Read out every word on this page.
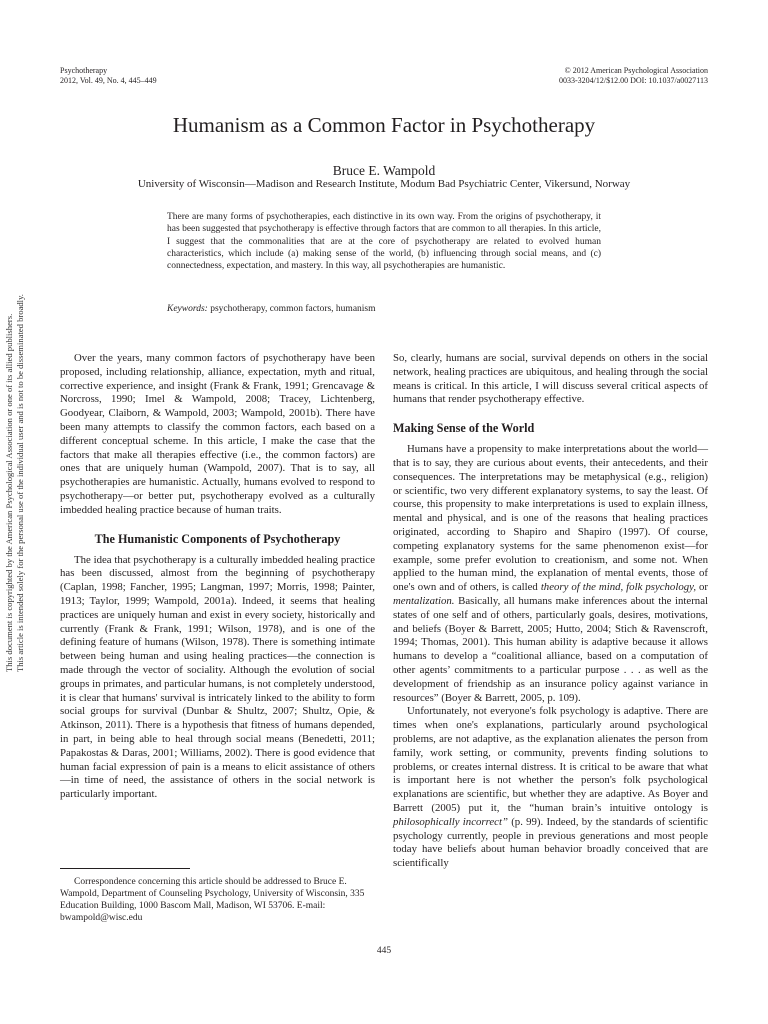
Psychotherapy
2012, Vol. 49, No. 4, 445–449
© 2012 American Psychological Association
0033-3204/12/$12.00 DOI: 10.1037/a0027113
Humanism as a Common Factor in Psychotherapy
Bruce E. Wampold
University of Wisconsin—Madison and Research Institute, Modum Bad Psychiatric Center, Vikersund, Norway
There are many forms of psychotherapies, each distinctive in its own way. From the origins of psychotherapy, it has been suggested that psychotherapy is effective through factors that are common to all therapies. In this article, I suggest that the commonalities that are at the core of psychotherapy are related to evolved human characteristics, which include (a) making sense of the world, (b) influencing through social means, and (c) connectedness, expectation, and mastery. In this way, all psychotherapies are humanistic.
Keywords: psychotherapy, common factors, humanism
This document is copyrighted by the American Psychological Association or one of its allied publishers. This article is intended solely for the personal use of the individual user and is not to be disseminated broadly.	Over the years, many common factors of psychotherapy have been proposed, including relationship, alliance, expectation, myth and ritual, corrective experience, and insight (Frank & Frank, 1991; Grencavage & Norcross, 1990; Imel & Wampold, 2008; Tracey, Lichtenberg, Goodyear, Claiborn, & Wampold, 2003; Wampold, 2001b). There have been many attempts to classify the common factors, each based on a different conceptual scheme. In this article, I make the case that the factors that make all therapies effective (i.e., the common factors) are ones that are uniquely human (Wampold, 2007). That is to say, all psychotherapies are humanistic. Actually, humans evolved to respond to psychotherapy—or better put, psychotherapy evolved as a culturally imbedded healing practice because of human traits.

The Humanistic Components of Psychotherapy

The idea that psychotherapy is a culturally imbedded healing practice has been discussed, almost from the beginning of psychotherapy (Caplan, 1998; Fancher, 1995; Langman, 1997; Morris, 1998; Painter, 1913; Taylor, 1999; Wampold, 2001a). Indeed, it seems that healing practices are uniquely human and exist in every society, historically and currently (Frank & Frank, 1991; Wilson, 1978), and is one of the defining feature of humans (Wilson, 1978). There is something intimate between being human and using healing practices—the connection is made through the vector of sociality. Although the evolution of social groups in primates, and particular humans, is not completely understood, it is clear that humans' survival is intricately linked to the ability to form social groups for survival (Dunbar & Shultz, 2007; Shultz, Opie, & Atkinson, 2011). There is a hypothesis that fitness of humans depended, in part, in being able to heal through social means (Benedetti, 2011; Papakostas & Daras, 2001; Williams, 2002). There is good evidence that human facial expression of pain is a means to elicit assistance of others—in time of need, the assistance of others in the social network is particularly important.

So, clearly, humans are social, survival depends on others in the social network, healing practices are ubiquitous, and healing through the social means is critical. In this article, I will discuss several critical aspects of humans that render psychotherapy effective.

Making Sense of the World

Humans have a propensity to make interpretations about the world—that is to say, they are curious about events, their antecedents, and their consequences. The interpretations may be metaphysical (e.g., religion) or scientific, two very different explanatory systems, to say the least. Of course, this propensity to make interpretations is used to explain illness, mental and physical, and is one of the reasons that healing practices originated, according to Shapiro and Shapiro (1997). Of course, competing explanatory systems for the same phenomenon exist—for example, some prefer evolution to creationism, and some not. When applied to the human mind, the explanation of mental events, those of one's own and of others, is called theory of the mind, folk psychology, or mentalization. Basically, all humans make inferences about the internal states of one self and of others, particularly goals, desires, motivations, and beliefs (Boyer & Barrett, 2005; Hutto, 2004; Stich & Ravenscroft, 1994; Thomas, 2001). This human ability is adaptive because it allows humans to develop a “coalitional alliance, based on a computation of other agents’ commitments to a particular purpose . . . as well as the development of friendship as an insurance policy against variance in resources” (Boyer & Barrett, 2005, p. 109).

Unfortunately, not everyone's folk psychology is adaptive. There are times when one's explanations, particularly around psychological problems, are not adaptive, as the explanation alienates the person from family, work setting, or community, prevents finding solutions to problems, or creates internal distress. It is critical to be aware that what is important here is not whether the person's folk psychological explanations are scientific, but whether they are adaptive. As Boyer and Barrett (2005) put it, the “human brain’s intuitive ontology is philosophically incorrect” (p. 99). Indeed, by the standards of scientific psychology currently, people in previous generations and most people today have beliefs about human behavior broadly conceived that are scientifically

Correspondence concerning this article should be addressed to Bruce E. Wampold, Department of Counseling Psychology, University of Wisconsin, 335 Education Building, 1000 Bascom Mall, Madison, WI 53706. E-mail: bwampold@wisc.edu

445
